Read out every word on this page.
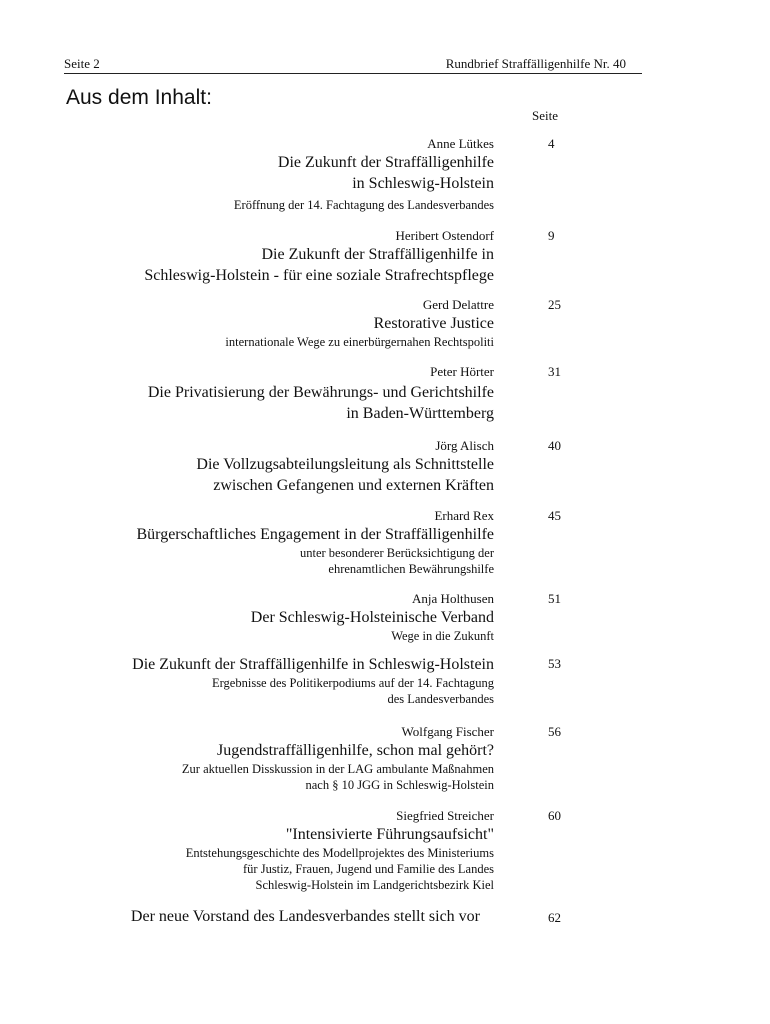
Seite 2	Rundbrief Straffälligenhilfe Nr. 40
Aus dem Inhalt:
Seite
Anne Lütkes
Die Zukunft der Straffälligenhilfe
in Schleswig-Holstein
Eröffnung der 14. Fachtagung des Landesverbandes
4
Heribert Ostendorf
Die Zukunft der Straffälligenhilfe in
Schleswig-Holstein - für eine soziale Strafrechtspflege
9
Gerd Delattre
Restorative Justice
internationale Wege zu einerbürgernahen Rechtspoliti
25
Peter Hörter
Die Privatisierung der Bewährungs- und Gerichtshilfe
in Baden-Württemberg
31
Jörg Alisch
Die Vollzugsabteilungsleitung als Schnittstelle
zwischen Gefangenen und externen Kräften
40
Erhard Rex
Bürgerschaftliches Engagement in der Straffälligenhilfe
unter besonderer Berücksichtigung der
ehrenamtlichen Bewährungshilfe
45
Anja Holthusen
Der Schleswig-Holsteinische Verband
Wege in die Zukunft
51
Die Zukunft der Straffälligenhilfe in Schleswig-Holstein
Ergebnisse des Politikerpodiums auf der 14. Fachtagung
des Landesverbandes
53
Wolfgang Fischer
Jugendstraffälligenhilfe, schon mal gehört?
Zur aktuellen Disskussion in der LAG ambulante Maßnahmen
nach § 10 JGG in Schleswig-Holstein
56
Siegfried Streicher
"Intensivierte Führungsaufsicht"
Entstehungsgeschichte des Modellprojektes des Ministeriums
für Justiz, Frauen, Jugend und Familie des Landes
Schleswig-Holstein im Landgerichtsbezirk Kiel
60
Der neue Vorstand des Landesverbandes stellt sich vor	62
